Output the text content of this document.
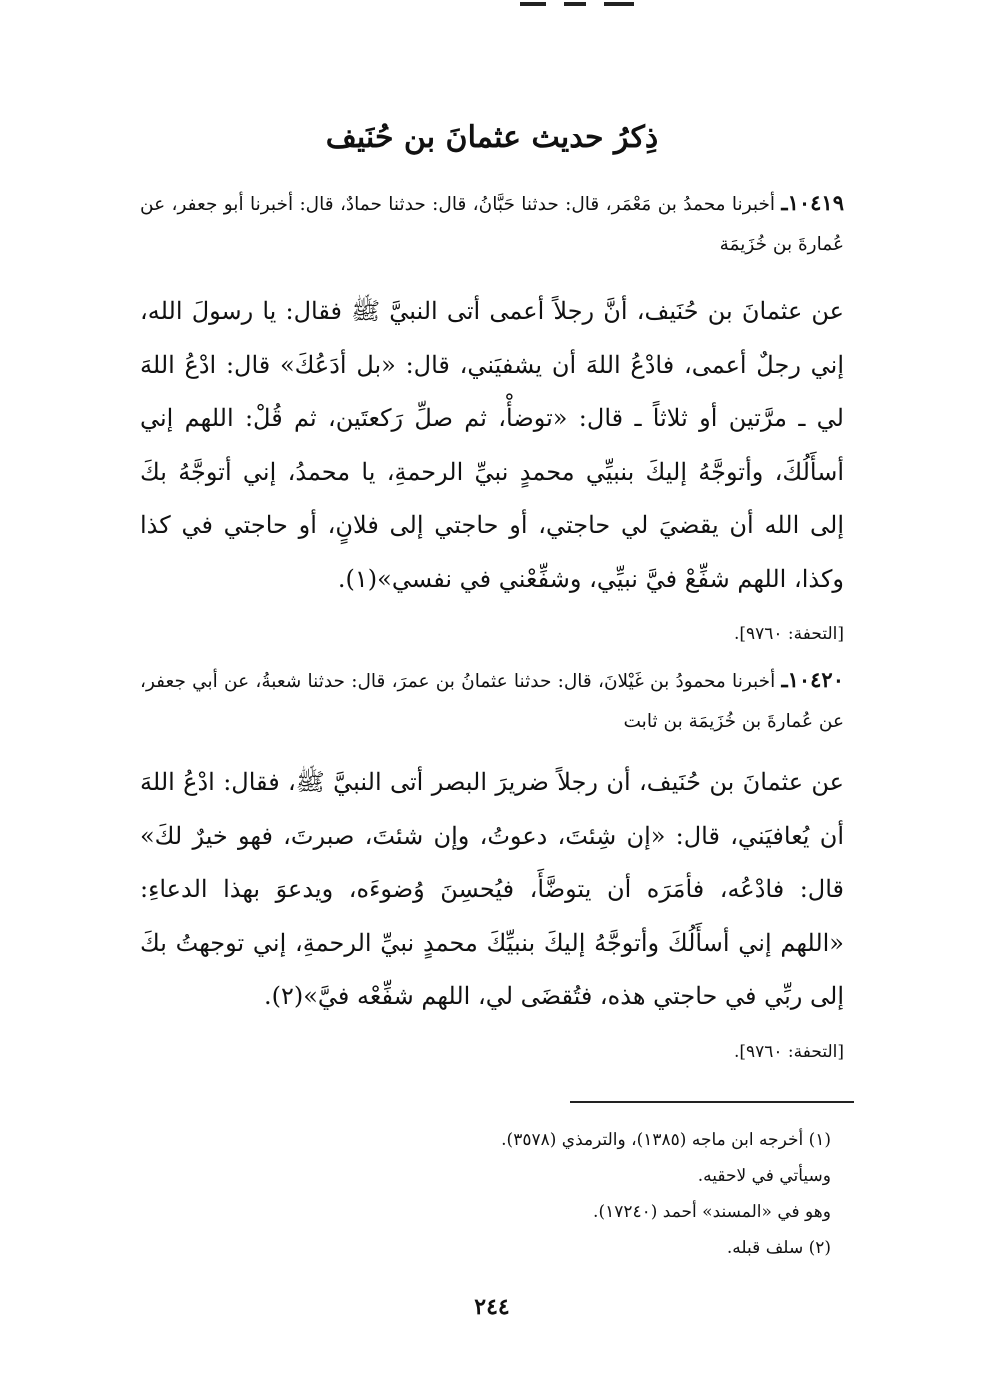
ذِكرُ حديث عثمانَ بن حُنَيف
١٠٤١٩ـ أخبرنا محمدُ بن مَعْمَر، قال: حدثنا حَبَّانُ، قال: حدثنا حمادٌ، قال: أخبرنا أبو جعفر، عن عُمارةَ بن خُزَيمَة

عن عثمانَ بن حُنَيف، أنَّ رجلاً أعمى أتى النبيَّ ﷺ فقال: يا رسولَ الله، إني رجلٌ أعمى، فادْعُ اللهَ أن يشفيَني، قال: «بل أدَعُكَ» قال: ادْعُ اللهَ لي ـ مرَّتين أو ثلاثاً ـ قال: «توضأْ، ثم صلِّ رَكعتَين، ثم قُلْ: اللهم إني أسأَلُكَ، وأتوجَّهُ إليكَ بنبيِّي محمدٍ نبيِّ الرحمةِ، يا محمدُ، إني أتوجَّهُ بكَ إلى الله أن يقضيَ لي حاجتي، أو حاجتي إلى فلانٍ، أو حاجتي في كذا وكذا، اللهم شفِّعْ فيَّ نبيِّي، وشفِّعْني في نفسي»(١).

[التحفة: ٩٧٦٠].
١٠٤٢٠ـ أخبرنا محمودُ بن غَيْلانَ، قال: حدثنا عثمانُ بن عمرَ، قال: حدثنا شعبةُ، عن أبي جعفر، عن عُمارةَ بن خُزَيمَة بن ثابت

عن عثمانَ بن حُنَيف، أن رجلاً ضريرَ البصر أتى النبيَّ ﷺ، فقال: ادْعُ اللهَ أن يُعافيَني، قال: «إن شِئتَ، دعوتُ، وإن شئتَ، صبرتَ، فهو خيرٌ لكَ» قال: فادْعُه، فأمَرَه أن يتوضَّأَ، فيُحسِنَ وُضوءَه، ويدعوَ بهذا الدعاءِ: «اللهم إني أسأَلُكَ وأتوجَّهُ إليكَ بنبيِّكَ محمدٍ نبيِّ الرحمةِ، إني توجهتُ بكَ إلى ربِّي في حاجتي هذه، فتُقضَى لي، اللهم شفِّعْه فيَّ»(٢).

[التحفة: ٩٧٦٠].
(١) أخرجه ابن ماجه (١٣٨٥)، والترمذي (٣٥٧٨).
وسيأتي في لاحقيه.
وهو في «المسند» أحمد (١٧٢٤٠).
(٢) سلف قبله.
٢٤٤
